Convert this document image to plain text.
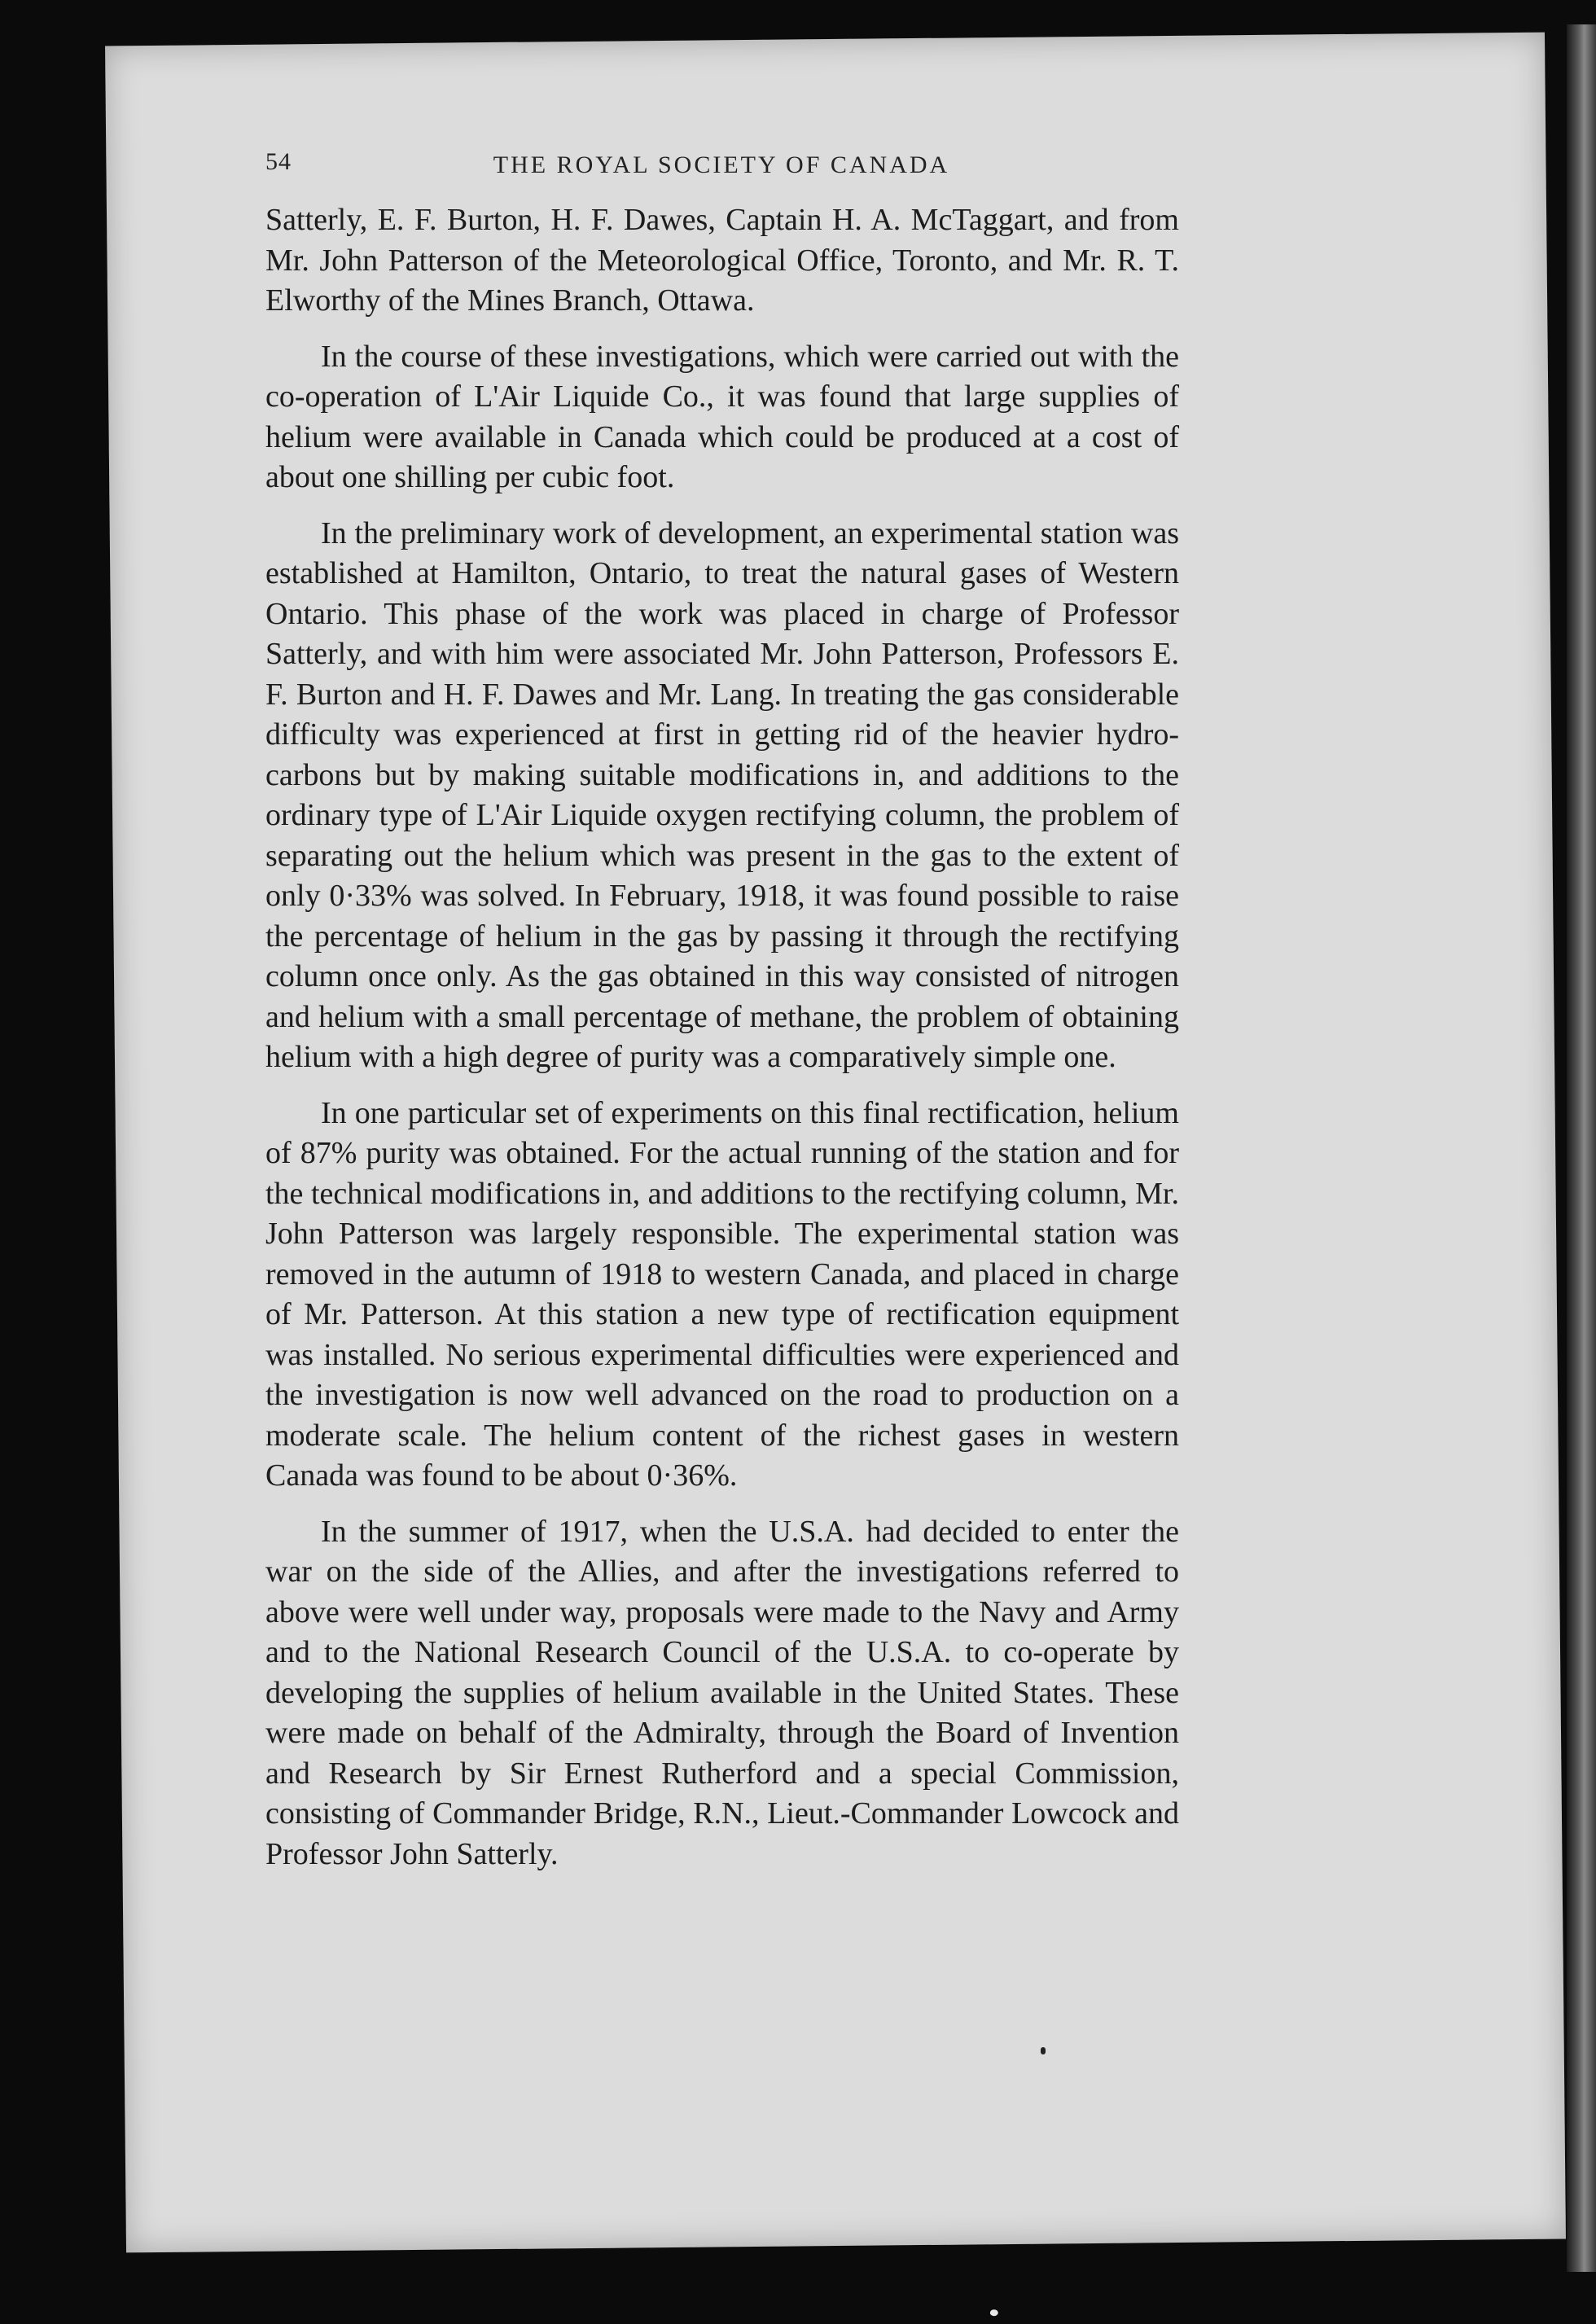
54	THE ROYAL SOCIETY OF CANADA

Satterly, E. F. Burton, H. F. Dawes, Captain H. A. McTaggart, and from Mr. John Patterson of the Meteorological Office, Toronto, and Mr. R. T. Elworthy of the Mines Branch, Ottawa.

In the course of these investigations, which were carried out with the co-operation of L'Air Liquide Co., it was found that large supplies of helium were available in Canada which could be produced at a cost of about one shilling per cubic foot.

In the preliminary work of development, an experimental station was established at Hamilton, Ontario, to treat the natural gases of Western Ontario. This phase of the work was placed in charge of Professor Satterly, and with him were associated Mr. John Patterson, Professors E. F. Burton and H. F. Dawes and Mr. Lang. In treating the gas considerable difficulty was experienced at first in getting rid of the heavier hydro-carbons but by making suitable modifications in, and additions to the ordinary type of L'Air Liquide oxygen rectifying column, the problem of separating out the helium which was present in the gas to the extent of only 0·33% was solved. In February, 1918, it was found possible to raise the percentage of helium in the gas by passing it through the rectifying column once only. As the gas obtained in this way consisted of nitrogen and helium with a small percentage of methane, the problem of obtaining helium with a high degree of purity was a comparatively simple one.

In one particular set of experiments on this final rectification, helium of 87% purity was obtained. For the actual running of the station and for the technical modifications in, and additions to the rectifying column, Mr. John Patterson was largely responsible. The experimental station was removed in the autumn of 1918 to western Canada, and placed in charge of Mr. Patterson. At this station a new type of rectification equipment was installed. No serious experimental difficulties were experienced and the investigation is now well advanced on the road to production on a moderate scale. The helium content of the richest gases in western Canada was found to be about 0·36%.

In the summer of 1917, when the U.S.A. had decided to enter the war on the side of the Allies, and after the investigations referred to above were well under way, proposals were made to the Navy and Army and to the National Research Council of the U.S.A. to co-operate by developing the supplies of helium available in the United States. These were made on behalf of the Admiralty, through the Board of Invention and Research by Sir Ernest Rutherford and a special Commission, consisting of Commander Bridge, R.N., Lieut.-Commander Lowcock and Professor John Satterly.
